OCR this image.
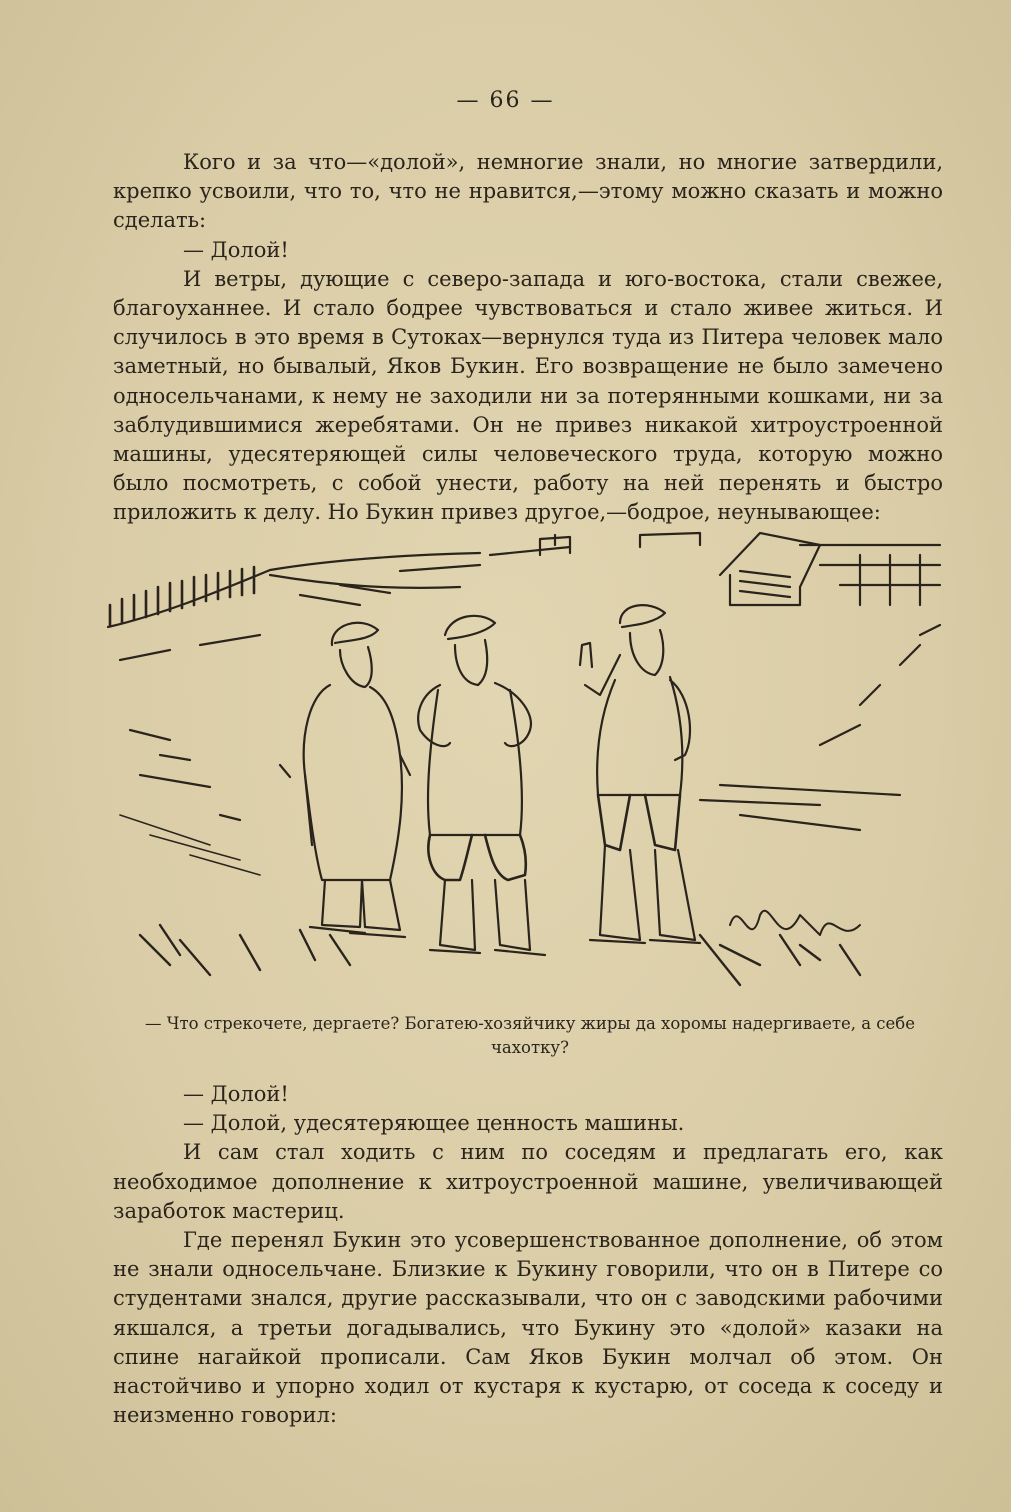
— 66 —

Кого и за что—«долой», немногие знали, но многие затвердили, крепко усвоили, что то, что не нравится,—этому можно сказать и можно сделать:

— Долой!

И ветры, дующие с северо-запада и юго-востока, стали свежее, благоуханнее. И стало бодрее чувствоваться и стало живее житься. И случилось в это время в Сутоках—вернулся туда из Питера человек мало заметный, но бывалый, Яков Букин. Его возвращение не было замечено односельчанами, к нему не заходили ни за потерянными кошками, ни за заблудившимися жеребятами. Он не привез никакой хитроустроенной машины, удесятеряющей силы человеческого труда, которую можно было посмотреть, с собой унести, работу на ней перенять и быстро приложить к делу. Но Букин привез другое,—бодрое, неунывающее:

— Что стрекочете, дергаете? Богатею-хозяйчику жиры да хоромы надергиваете, а себе чахотку?

— Долой!

— Долой, удесятеряющее ценность машины.

И сам стал ходить с ним по соседям и предлагать его, как необходимое дополнение к хитроустроенной машине, увеличивающей заработок мастериц.

Где перенял Букин это усовершенствованное дополнение, об этом не знали односельчане. Близкие к Букину говорили, что он в Питере со студентами знался, другие рассказывали, что он с заводскими рабочими якшался, а третьи догадывались, что Букину это «долой» казаки на спине нагайкой прописали. Сам Яков Букин молчал об этом. Он настойчиво и упорно ходил от кустаря к кустарю, от соседа к соседу и неизменно говорил:
